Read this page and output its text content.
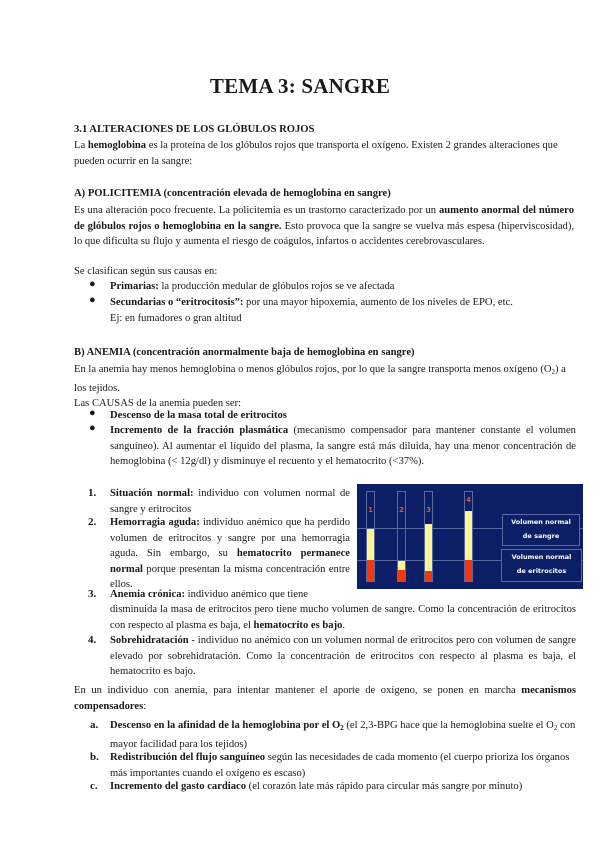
TEMA 3: SANGRE
3.1 ALTERACIONES DE LOS GLÓBULOS ROJOS
La hemoglobina es la proteína de los glóbulos rojos que transporta el oxígeno. Existen 2 grandes alteraciones que pueden ocurrir en la sangre:
A) POLICITEMIA (concentración elevada de hemoglobina en sangre)
Es una alteración poco frecuente. La policitemia es un trastorno caracterizado por un aumento anormal del número de glóbulos rojos o hemoglobina en la sangre. Esto provoca que la sangre se vuelva más espesa (hiperviscosidad), lo que dificulta su flujo y aumenta el riesgo de coágulos, infartos o accidentes cerebrovasculares.
Se clasifican según sus causas en:
● Primarias: la producción medular de glóbulos rojos se ve afectada
● Secundarias o “eritrocitosis”: por una mayor hipoxemia, aumento de los niveles de EPO, etc.
Ej: en fumadores o gran altitud
B) ANEMIA (concentración anormalmente baja de hemoglobina en sangre)
En la anemia hay menos hemoglobina o menos glóbulos rojos, por lo que la sangre transporta menos oxígeno $(O_2)$ a los tejidos.
Las CAUSAS de la anemia pueden ser:
● Descenso de la masa total de eritrocitos
● Incremento de la fracción plasmática (mecanismo compensador para mantener constante el volumen sanguíneo). Al aumentar el líquido del plasma, la sangre está más diluida, hay una menor concentración de hemoglobina (< 12g/dl) y disminuye el recuento y el hematocrito (<37%).
1. Situación normal: individuo con volumen normal de sangre y eritrocitos
2. Hemorragia aguda: individuo anémico que ha perdido volumen de eritrocitos y sangre por una hemorragia aguda. Sin embargo, su hematocrito permanece normal porque presentan la misma concentración entre ellos.
3. Anemia crónica: individuo anémico que tiene
disminuida la masa de eritrocitos pero tiene mucho volumen de sangre. Como la concentración de eritrocitos con respecto al plasma es baja, el hematocrito es bajo.
4. Sobrehidratación - individuo no anémico con un volumen normal de eritrocitos pero con volumen de sangre elevado por sobrehidratación. Como la concentración de eritrocitos con respecto al plasma es baja, el hematocrito es bajo.
1	2	3
4
Volumen normal
de sangre
Volumen normal
de eritrocitos
En un individuo con anemia, para intentar mantener el aporte de oxígeno, se ponen en marcha mecanismos compensadores:
a. Descenso en la afinidad de la hemoglobina por el $O_2$ (el 2,3-BPG hace que la hemoglobina suelte el $O_2$ con mayor facilidad para los tejidos)
b. Redistribución del flujo sanguíneo según las necesidades de cada momento (el cuerpo prioriza los órganos más importantes cuando el oxígeno es escaso)
c. Incremento del gasto cardiaco (el corazón late más rápido para circular más sangre por minuto)
